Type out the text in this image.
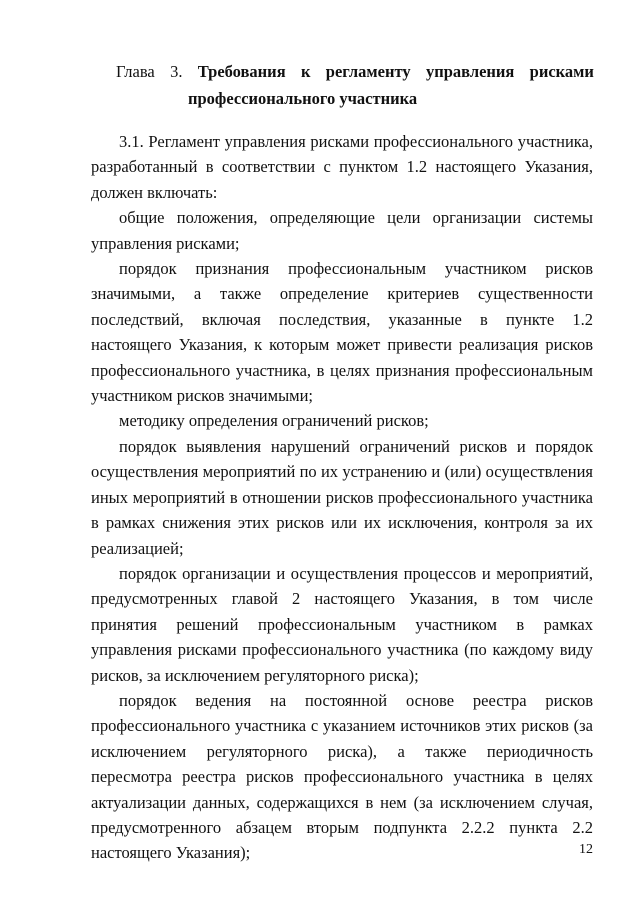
Глава 3. Требования к регламенту управления рисками
профессионального участника

3.1. Регламент управления рисками профессионального участника, разработанный в соответствии с пунктом 1.2 настоящего Указания, должен включать:

общие положения, определяющие цели организации системы управления рисками;

порядок признания профессиональным участником рисков значимыми, а также определение критериев существенности последствий, включая последствия, указанные в пункте 1.2 настоящего Указания, к которым может привести реализация рисков профессионального участника, в целях признания профессиональным участником рисков значимыми;

методику определения ограничений рисков;

порядок выявления нарушений ограничений рисков и порядок осуществления мероприятий по их устранению и (или) осуществления иных мероприятий в отношении рисков профессионального участника в рамках снижения этих рисков или их исключения, контроля за их реализацией;

порядок организации и осуществления процессов и мероприятий, предусмотренных главой 2 настоящего Указания, в том числе принятия решений профессиональным участником в рамках управления рисками профессионального участника (по каждому виду рисков, за исключением регуляторного риска);

порядок ведения на постоянной основе реестра рисков профессионального участника с указанием источников этих рисков (за исключением регуляторного риска), а также периодичность пересмотра реестра рисков профессионального участника в целях актуализации данных, содержащихся в нем (за исключением случая, предусмотренного абзацем вторым подпункта 2.2.2 пункта 2.2 настоящего Указания);	12
